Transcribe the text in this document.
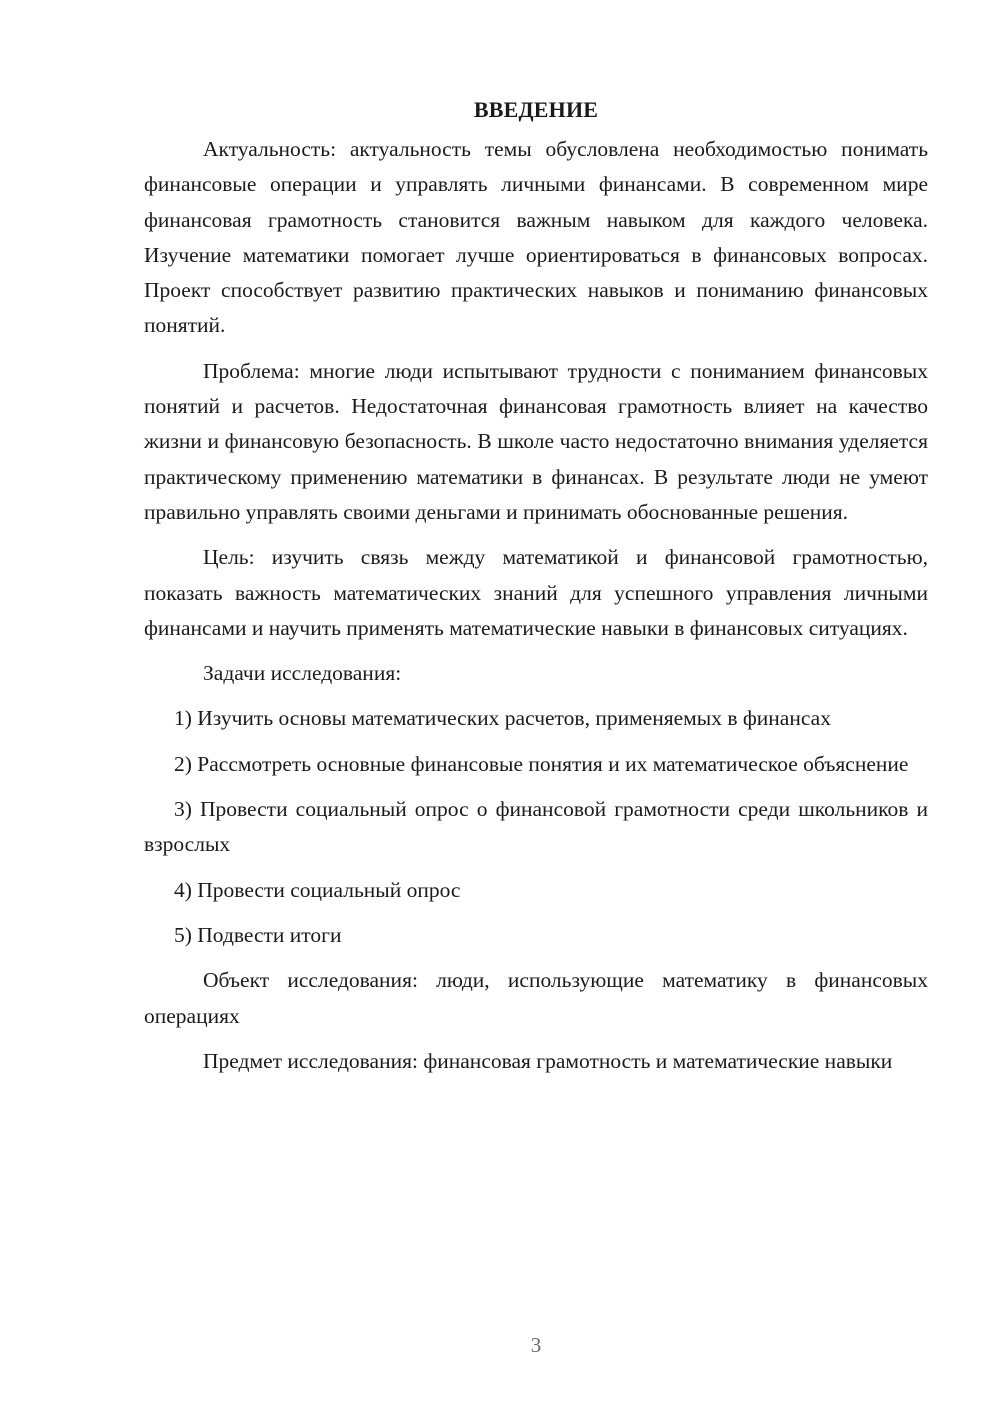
ВВЕДЕНИЕ

Актуальность: актуальность темы обусловлена необходимостью понимать финансовые операции и управлять личными финансами. В современном мире финансовая грамотность становится важным навыком для каждого человека. Изучение математики помогает лучше ориентироваться в финансовых вопросах. Проект способствует развитию практических навыков и пониманию финансовых понятий.

Проблема: многие люди испытывают трудности с пониманием финансовых понятий и расчетов. Недостаточная финансовая грамотность влияет на качество жизни и финансовую безопасность. В школе часто недостаточно внимания уделяется практическому применению математики в финансах. В результате люди не умеют правильно управлять своими деньгами и принимать обоснованные решения.

Цель: изучить связь между математикой и финансовой грамотностью, показать важность математических знаний для успешного управления личными финансами и научить применять математические навыки в финансовых ситуациях.

Задачи исследования:

1) Изучить основы математических расчетов, применяемых в финансах

2) Рассмотреть основные финансовые понятия и их математическое объяснение

3) Провести социальный опрос о финансовой грамотности среди школьников и взрослых

4) Провести социальный опрос

5) Подвести итоги

Объект исследования: люди, использующие математику в финансовых операциях

Предмет исследования: финансовая грамотность и математические навыки

3
